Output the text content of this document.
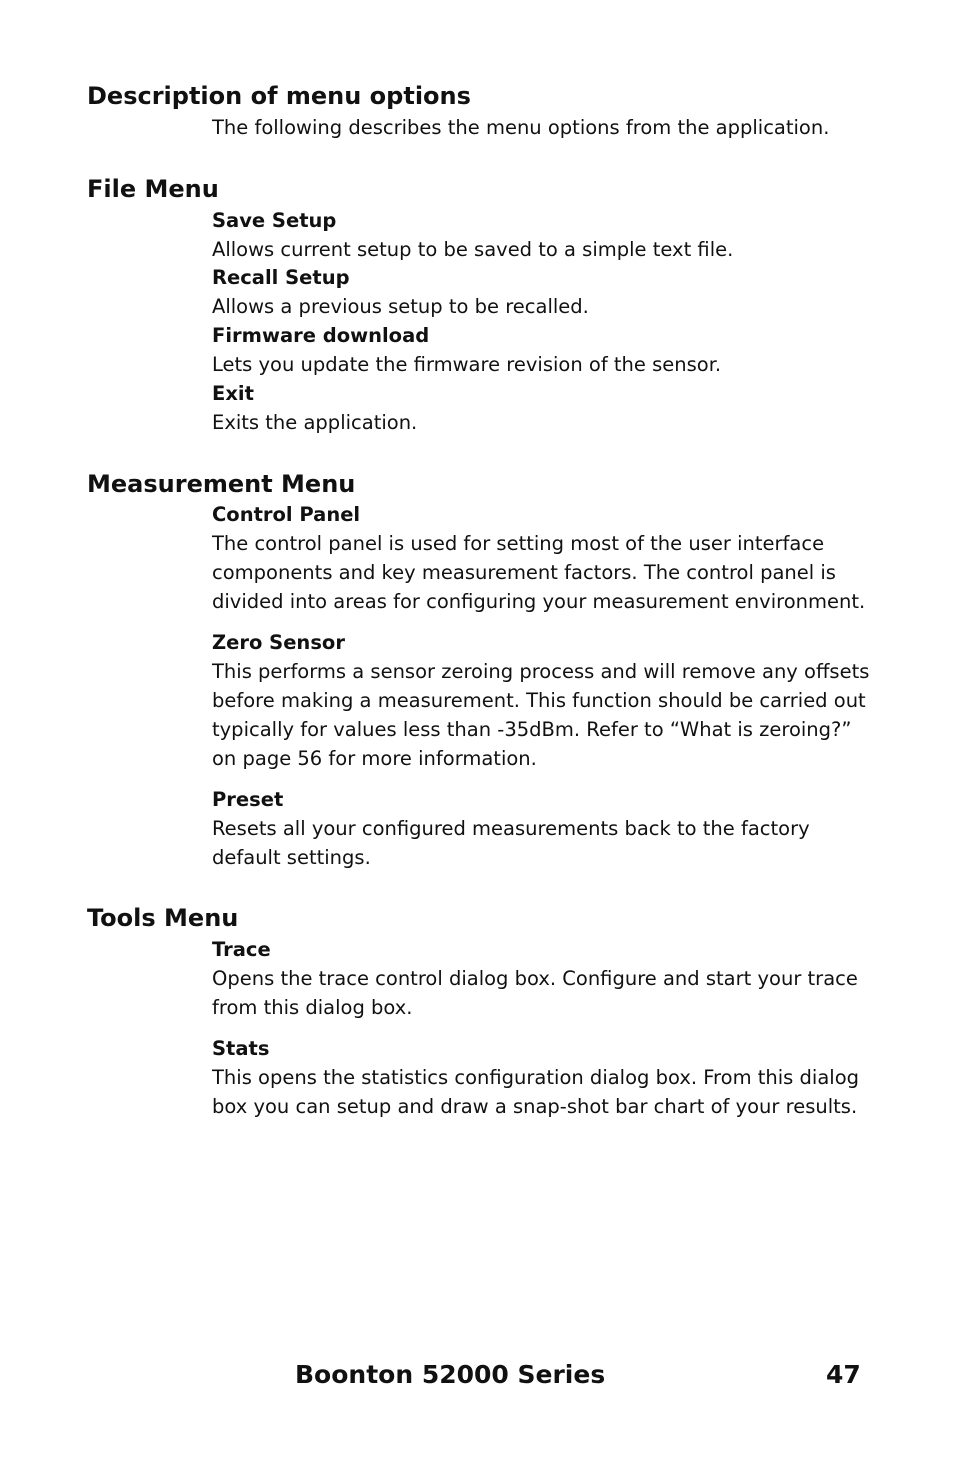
Description of menu options

The following describes the menu options from the application.

File Menu
Save Setup
Allows current setup to be saved to a simple text file.
Recall Setup
Allows a previous setup to be recalled.
Firmware download
Lets you update the firmware revision of the sensor.
Exit
Exits the application.
Measurement Menu
Control Panel
The control panel is used for setting most of the user interface components and key measurement factors. The control panel is divided into areas for configuring your measurement environment.
Zero Sensor
This performs a sensor zeroing process and will remove any offsets before making a measurement. This function should be carried out typically for values less than -35dBm. Refer to “What is zeroing?” on page 56 for more information.
Preset
Resets all your configured measurements back to the factory default settings.
Tools Menu
Trace
Opens the trace control dialog box. Configure and start your trace from this dialog box.
Stats
This opens the statistics configuration dialog box. From this dialog box you can setup and draw a snap-shot bar chart of your results.
Boonton 52000 Series	47
